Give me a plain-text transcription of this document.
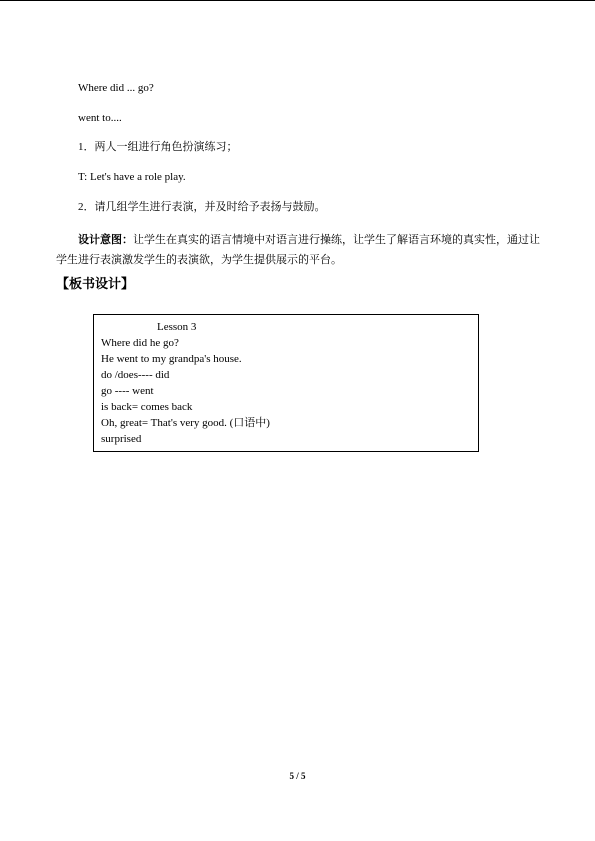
Where did ... go?
went to....
1．两人一组进行角色扮演练习；
T: Let's have a role play.
2．请几组学生进行表演，并及时给予表扬与鼓励。
设计意图：让学生在真实的语言情境中对语言进行操练，让学生了解语言环境的真实性，通过让学生进行表演激发学生的表演欲，为学生提供展示的平台。
【板书设计】
Lesson 3
Where did he go?
He went to my grandpa's house.
do /does---- did
go ---- went
is back= comes back
Oh, great= That's very good. (口语中)
surprised
5 / 5
